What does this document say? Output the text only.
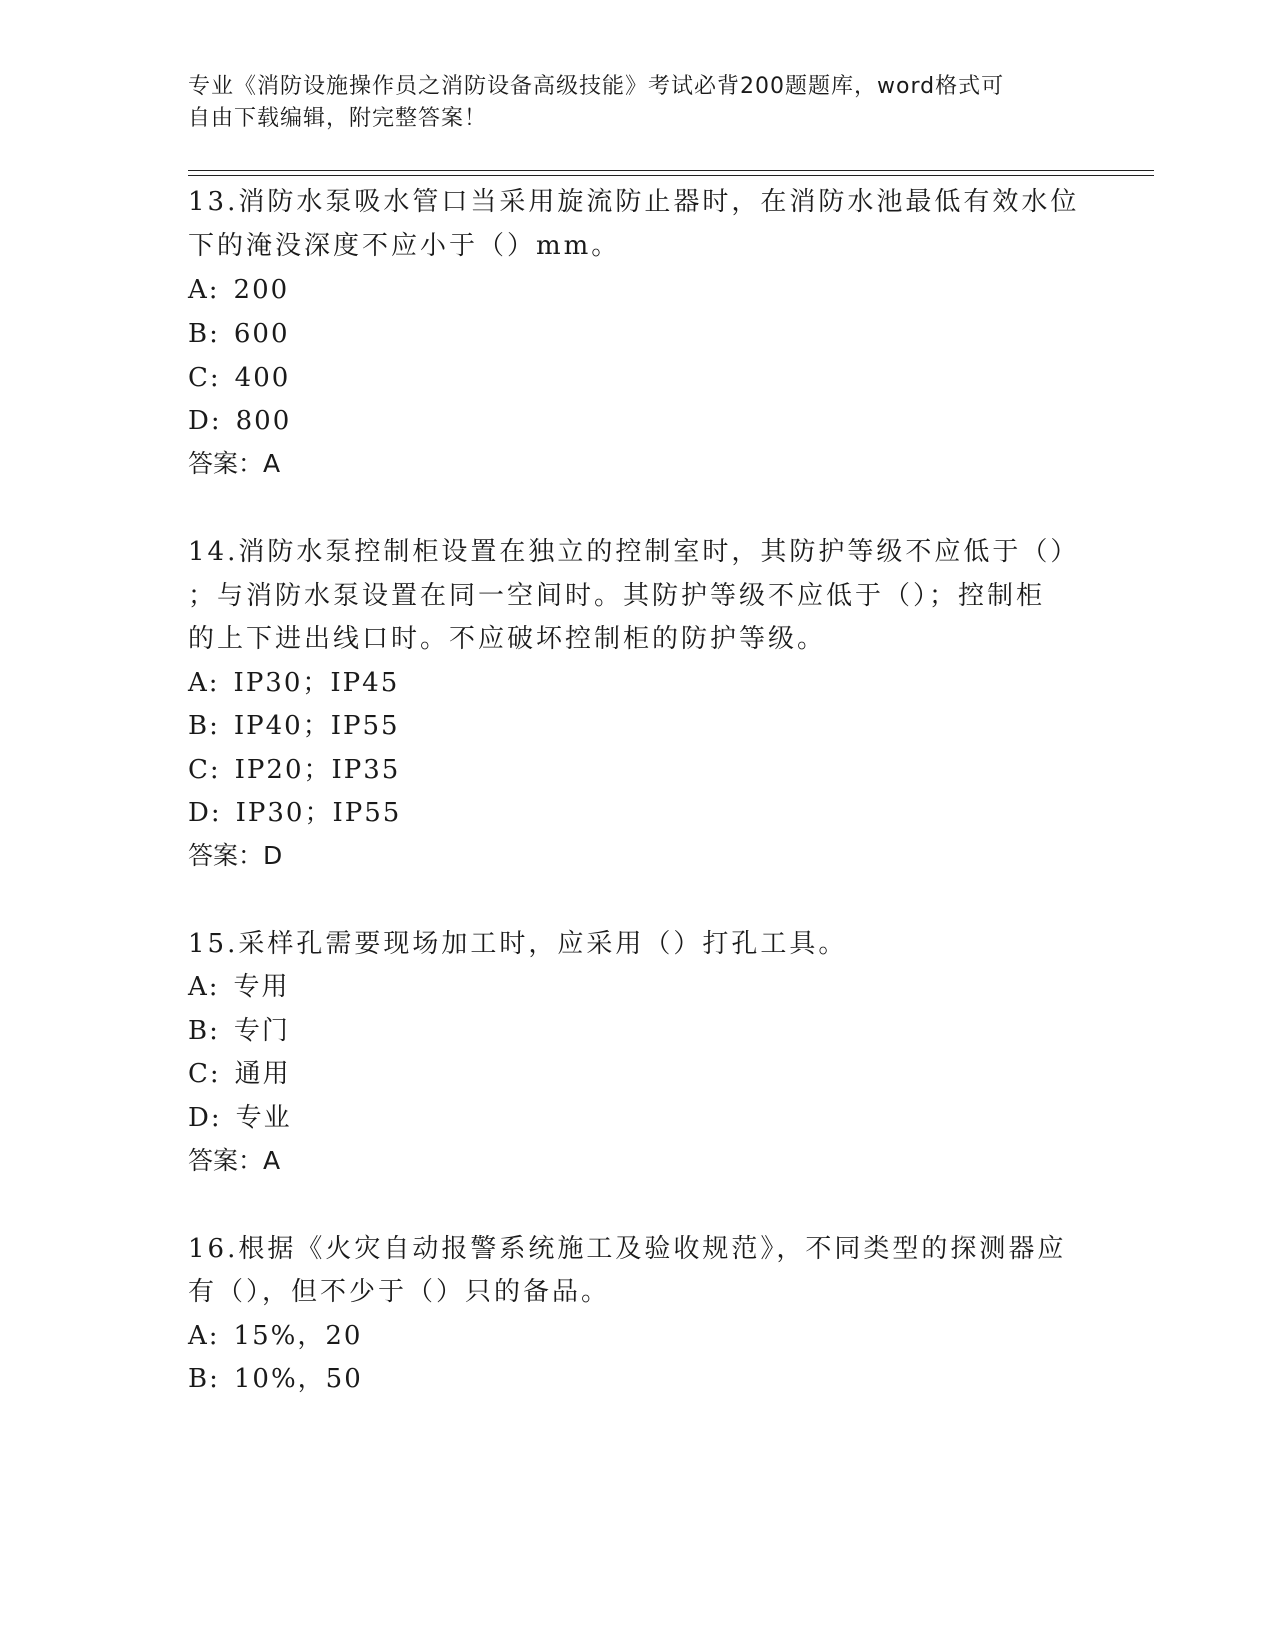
专业《消防设施操作员之消防设备高级技能》考试必背200题题库，word格式可
自由下载编辑，附完整答案！
13.消防水泵吸水管口当采用旋流防止器时，在消防水池最低有效水位
下的淹没深度不应小于（）mm。
A: 200
B: 600
C: 400
D: 800
答案：A
14.消防水泵控制柜设置在独立的控制室时，其防护等级不应低于（）
；与消防水泵设置在同一空间时。其防护等级不应低于（）；控制柜
的上下进出线口时。不应破坏控制柜的防护等级。
A: IP30；IP45
B: IP40；IP55
C: IP20；IP35
D: IP30；IP55
答案：D
15.采样孔需要现场加工时，应采用（）打孔工具。
A: 专用
B: 专门
C: 通用
D: 专业
答案：A
16.根据《火灾自动报警系统施工及验收规范》，不同类型的探测器应
有（），但不少于（）只的备品。
A: 15%，20
B: 10%，50
